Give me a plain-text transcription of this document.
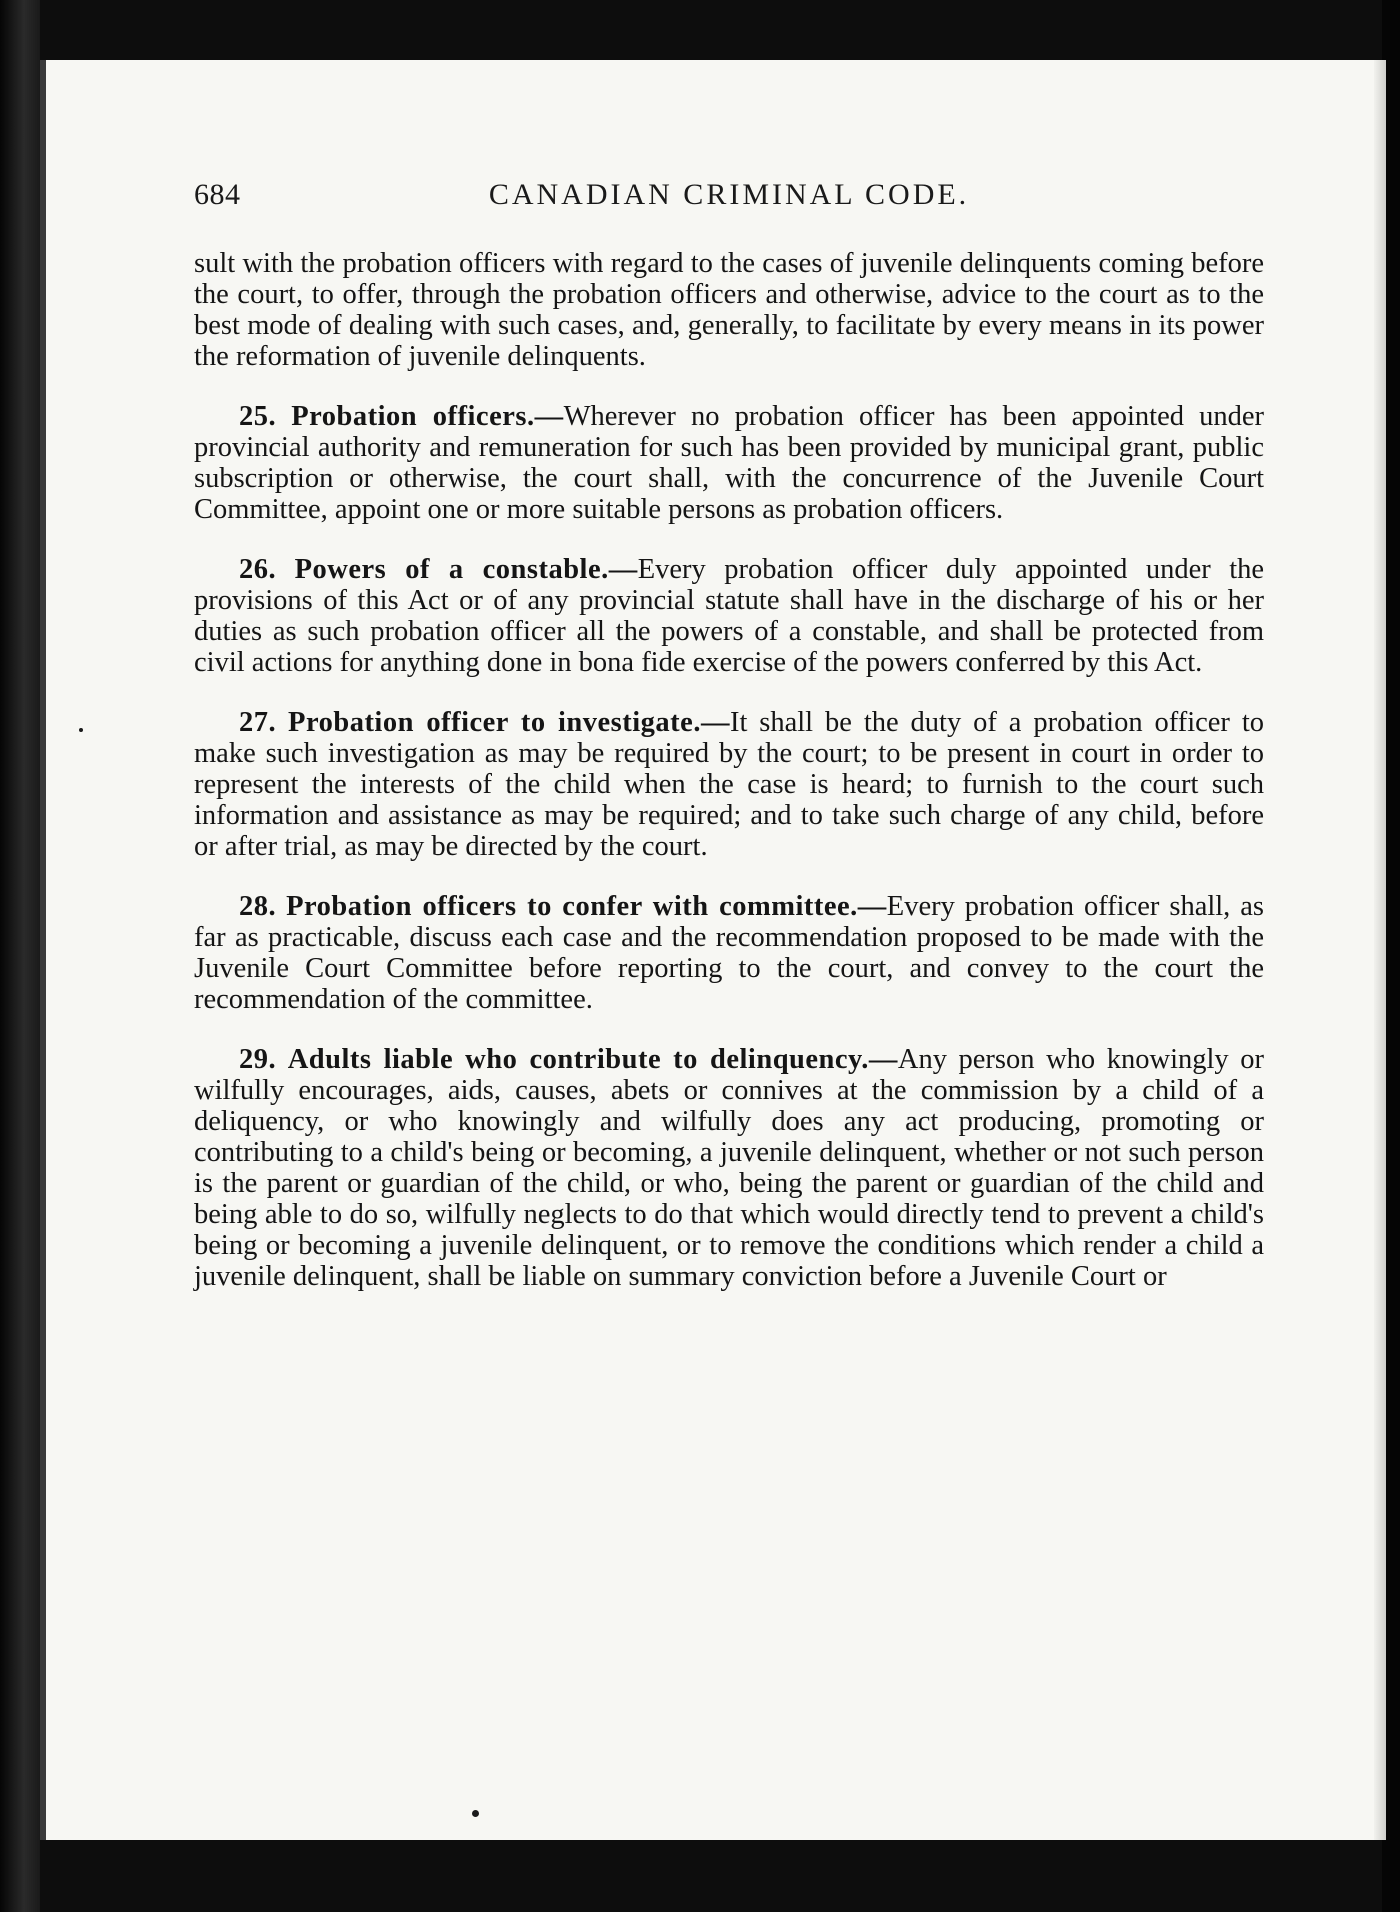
CANADIAN CRIMINAL CODE.
684

sult with the probation officers with regard to the cases of juvenile delinquents coming before the court, to offer, through the probation officers and otherwise, advice to the court as to the best mode of dealing with such cases, and, generally, to facilitate by every means in its power the reformation of juvenile delinquents.

25. Probation officers.—Wherever no probation officer has been appointed under provincial authority and remuneration for such has been provided by municipal grant, public subscription or otherwise, the court shall, with the concurrence of the Juvenile Court Committee, appoint one or more suitable persons as probation officers.

26. Powers of a constable.—Every probation officer duly appointed under the provisions of this Act or of any provincial statute shall have in the discharge of his or her duties as such probation officer all the powers of a constable, and shall be protected from civil actions for anything done in bona fide exercise of the powers conferred by this Act.

27. Probation officer to investigate.—It shall be the duty of a probation officer to make such investigation as may be required by the court; to be present in court in order to represent the interests of the child when the case is heard; to furnish to the court such information and assistance as may be required; and to take such charge of any child, before or after trial, as may be directed by the court.

28. Probation officers to confer with committee.—Every probation officer shall, as far as practicable, discuss each case and the recommendation proposed to be made with the Juvenile Court Committee before reporting to the court, and convey to the court the recommendation of the committee.

29. Adults liable who contribute to delinquency.—Any person who knowingly or wilfully encourages, aids, causes, abets or connives at the commission by a child of a deliquency, or who knowingly and wilfully does any act producing, promoting or contributing to a child's being or becoming, a juvenile delinquent, whether or not such person is the parent or guardian of the child, or who, being the parent or guardian of the child and being able to do so, wilfully neglects to do that which would directly tend to prevent a child's being or becoming a juvenile delinquent, or to remove the conditions which render a child a juvenile delinquent, shall be liable on summary conviction before a Juvenile Court or
